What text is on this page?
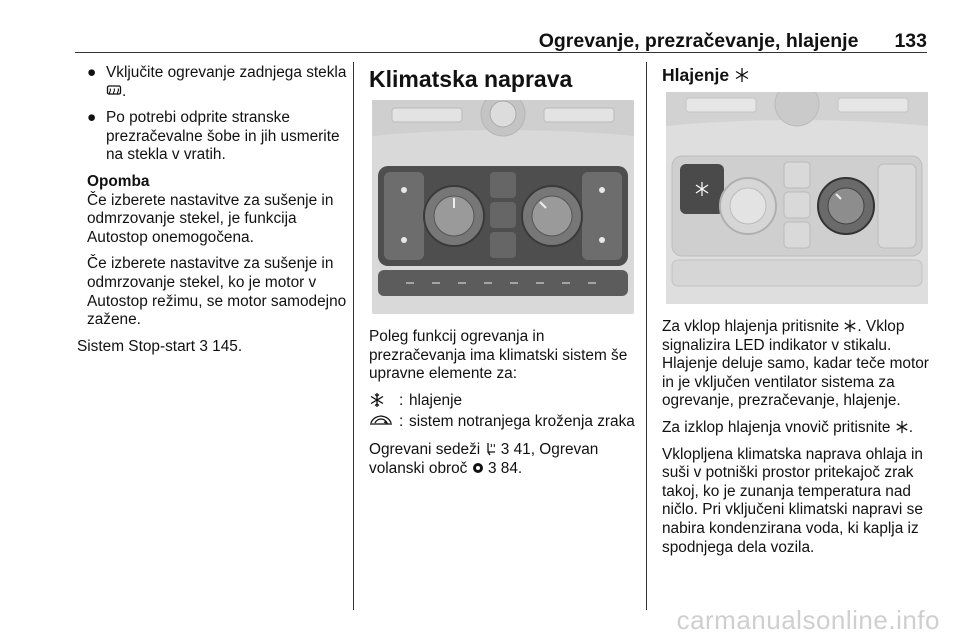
Ogrevanje, prezračevanje, hlajenje 133
● Vključite ogrevanje zadnjega stekla .
● Po potrebi odprite stranske prezračevalne šobe in jih usmerite na stekla v vratih.
Opomba

Če izberete nastavitve za sušenje in odmrzovanje stekel, je funkcija Autostop onemogočena.

Če izberete nastavitve za sušenje in odmrzovanje stekel, ko je motor v Autostop režimu, se motor samodejno zažene.

Sistem Stop-start 3 145.

Klimatska naprava

Poleg funkcij ogrevanja in prezračevanja ima klimatski sistem še upravne elemente za:

: hlajenje
: sistem notranjega kroženja zraka

Ogrevani sedeži 3 41, Ogrevan
volanski obroč 3 84.

Hlajenje

Za vklop hlajenja pritisnite . Vklop signalizira LED indikator v stikalu. Hlajenje deluje samo, kadar teče motor in je vključen ventilator sistema za ogrevanje, prezračevanje, hlajenje.

Za izklop hlajenja vnovič pritisnite .

Vklopljena klimatska naprava ohlaja in suši v potniški prostor pritekajoč zrak takoj, ko je zunanja temperatura nad ničlo. Pri vključeni klimatski napravi se nabira kondenzirana voda, ki kaplja iz spodnjega dela vozila.

carmanualsonline.info
